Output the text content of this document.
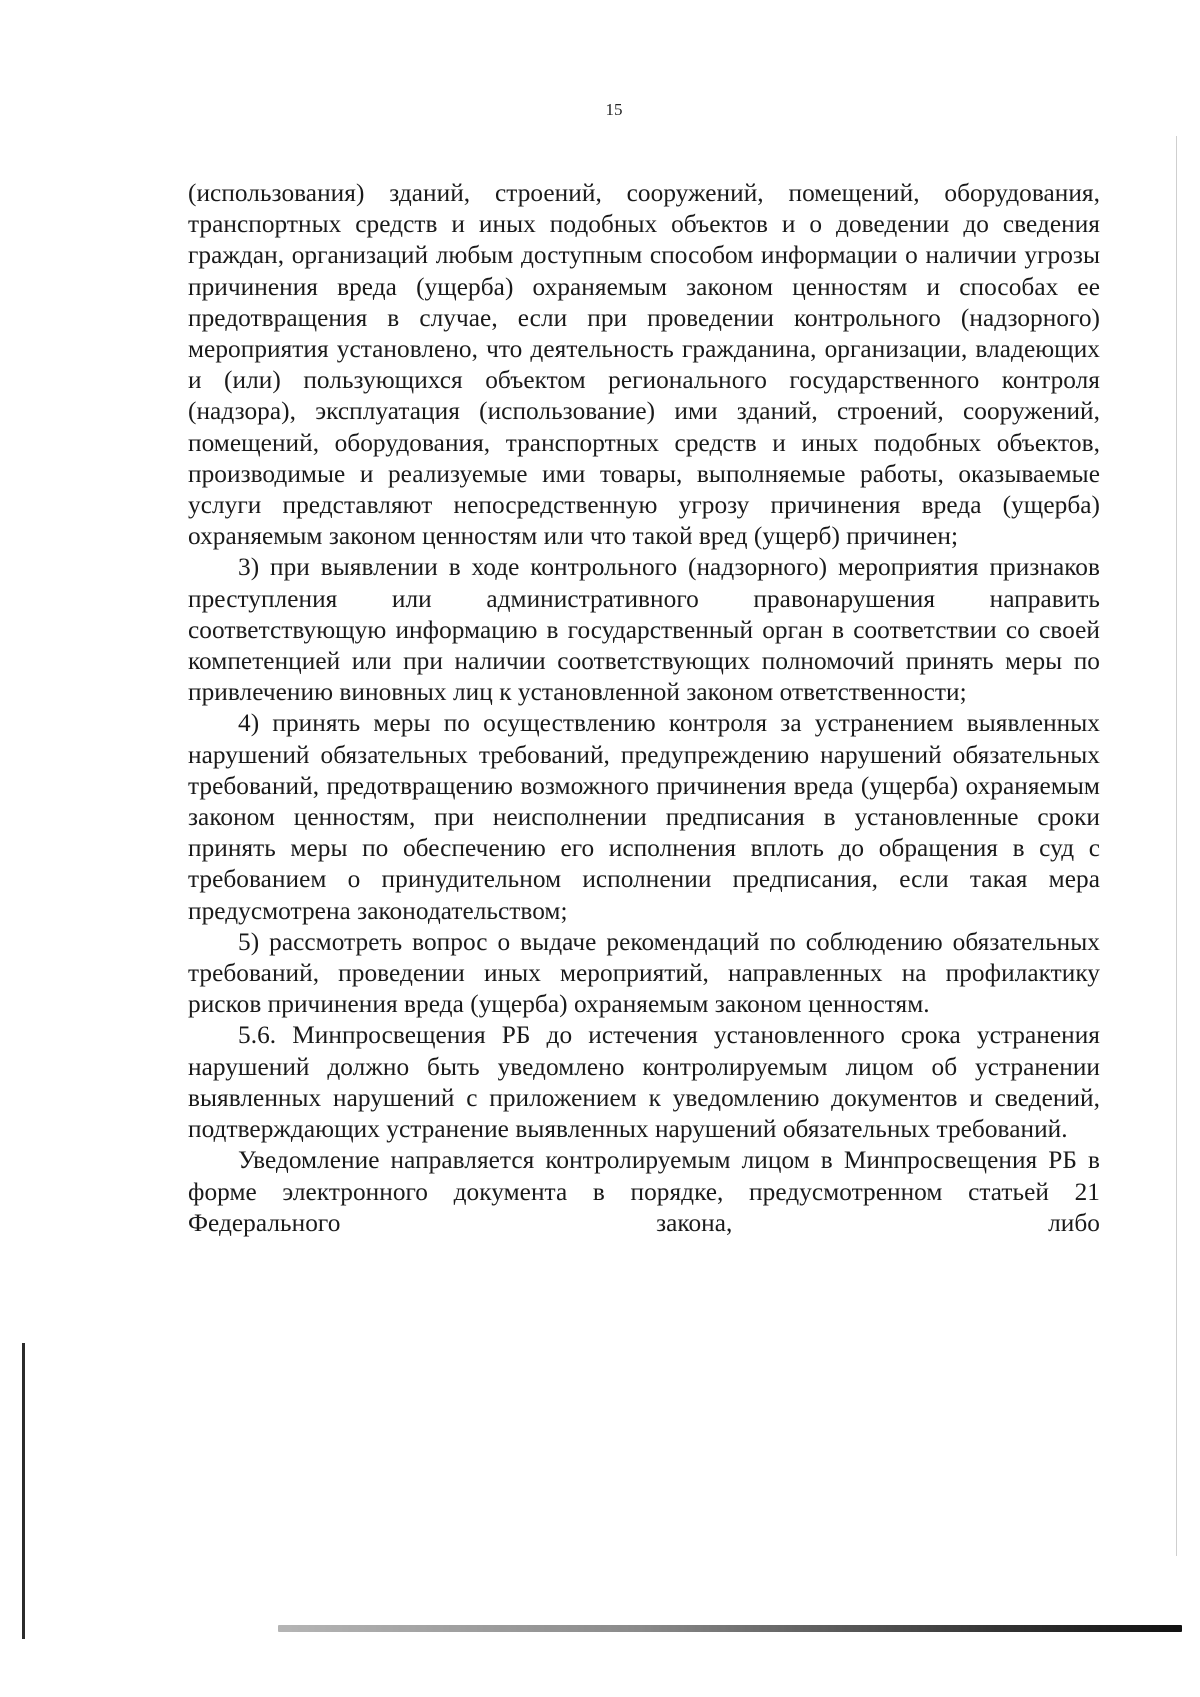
15

(использования) зданий, строений, сооружений, помещений, оборудования, транспортных средств и иных подобных объектов и о доведении до сведения граждан, организаций любым доступным способом информации о наличии угрозы причинения вреда (ущерба) охраняемым законом ценностям и способах ее предотвращения в случае, если при проведении контрольного (надзорного) мероприятия установлено, что деятельность гражданина, организации, владеющих и (или) пользующихся объектом регионального государственного контроля (надзора), эксплуатация (использование) ими зданий, строений, сооружений, помещений, оборудования, транспортных средств и иных подобных объектов, производимые и реализуемые ими товары, выполняемые работы, оказываемые услуги представляют непосредственную угрозу причинения вреда (ущерба) охраняемым законом ценностям или что такой вред (ущерб) причинен;

3) при выявлении в ходе контрольного (надзорного) мероприятия признаков преступления или административного правонарушения направить соответствующую информацию в государственный орган в соответствии со своей компетенцией или при наличии соответствующих полномочий принять меры по привлечению виновных лиц к установленной законом ответственности;

4) принять меры по осуществлению контроля за устранением выявленных нарушений обязательных требований, предупреждению нарушений обязательных требований, предотвращению возможного причинения вреда (ущерба) охраняемым законом ценностям, при неисполнении предписания в установленные сроки принять меры по обеспечению его исполнения вплоть до обращения в суд с требованием о принудительном исполнении предписания, если такая мера предусмотрена законодательством;

5) рассмотреть вопрос о выдаче рекомендаций по соблюдению обязательных требований, проведении иных мероприятий, направленных на профилактику рисков причинения вреда (ущерба) охраняемым законом ценностям.

5.6. Минпросвещения РБ до истечения установленного срока устранения нарушений должно быть уведомлено контролируемым лицом об устранении выявленных нарушений с приложением к уведомлению документов и сведений, подтверждающих устранение выявленных нарушений обязательных требований.

Уведомление направляется контролируемым лицом в Минпросвещения РБ в форме электронного документа в порядке, предусмотренном статьей 21 Федерального закона, либо
